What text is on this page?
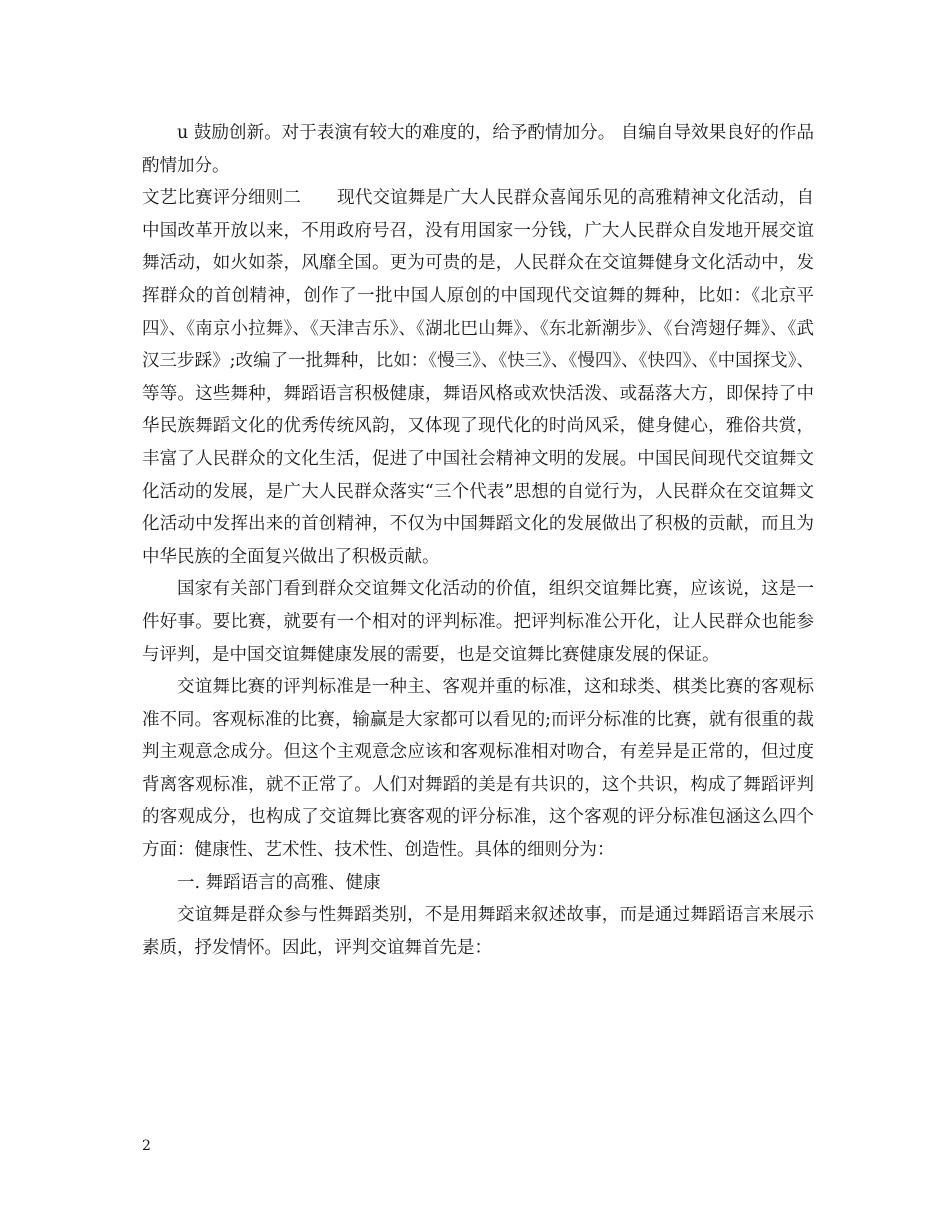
u 鼓励创新。对于表演有较大的难度的，给予酌情加分。 自编自导效果良好的作品酌情加分。

文艺比赛评分细则二 现代交谊舞是广大人民群众喜闻乐见的高雅精神文化活动，自中国改革开放以来，不用政府号召，没有用国家一分钱，广大人民群众自发地开展交谊舞活动，如火如荼，风靡全国。更为可贵的是，人民群众在交谊舞健身文化活动中，发挥群众的首创精神，创作了一批中国人原创的中国现代交谊舞的舞种，比如：《北京平四》、《南京小拉舞》、《天津吉乐》、《湖北巴山舞》、《东北新潮步》、《台湾翅仔舞》、《武汉三步踩》;改编了一批舞种，比如：《慢三》、《快三》、《慢四》、《快四》、《中国探戈》、等等。这些舞种，舞蹈语言积极健康，舞语风格或欢快活泼、或磊落大方，即保持了中华民族舞蹈文化的优秀传统风韵，又体现了现代化的时尚风采，健身健心，雅俗共赏，丰富了人民群众的文化生活，促进了中国社会精神文明的发展。中国民间现代交谊舞文化活动的发展，是广大人民群众落实“三个代表”思想的自觉行为，人民群众在交谊舞文化活动中发挥出来的首创精神，不仅为中国舞蹈文化的发展做出了积极的贡献，而且为中华民族的全面复兴做出了积极贡献。

国家有关部门看到群众交谊舞文化活动的价值，组织交谊舞比赛，应该说，这是一件好事。要比赛，就要有一个相对的评判标准。把评判标准公开化，让人民群众也能参与评判，是中国交谊舞健康发展的需要，也是交谊舞比赛健康发展的保证。

交谊舞比赛的评判标准是一种主、客观并重的标准，这和球类、棋类比赛的客观标准不同。客观标准的比赛，输赢是大家都可以看见的;而评分标准的比赛，就有很重的裁判主观意念成分。但这个主观意念应该和客观标准相对吻合，有差异是正常的，但过度背离客观标准，就不正常了。人们对舞蹈的美是有共识的，这个共识，构成了舞蹈评判的客观成分，也构成了交谊舞比赛客观的评分标准，这个客观的评分标准包涵这么四个方面：健康性、艺术性、技术性、创造性。具体的细则分为：

一. 舞蹈语言的高雅、健康

交谊舞是群众参与性舞蹈类别，不是用舞蹈来叙述故事，而是通过舞蹈语言来展示素质，抒发情怀。因此，评判交谊舞首先是：

2
